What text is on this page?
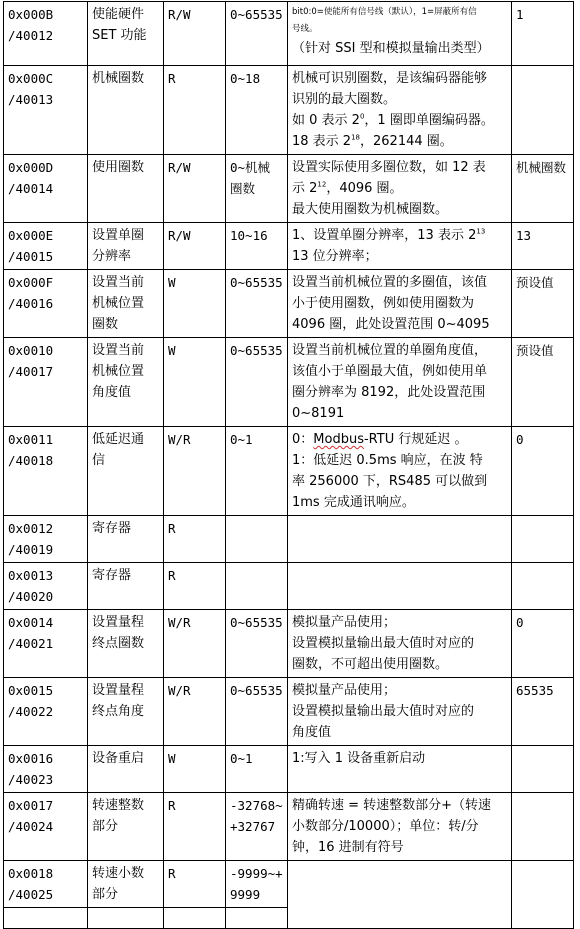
0x000B
/40012	使能硬件
SET 功能	R/W	0~65535	bit0:0=使能所有信号线（默认），1=屏蔽所有信
号线。
（针对 SSI 型和模拟量输出类型）	1	

0x000C
/40013	机械圈数	R	0~18	机械可识别圈数，是该编码器能够
识别的最大圈数。
如 0 表示 $2^0$，1 圈即单圈编码器。
18 表示 $2^{18}$，262144 圈。		

0x000D
/40014	使用圈数	R/W	0~机械
圈数	设置实际使用多圈位数，如 12 表
示 $2^{12}$，4096 圈。
最大使用圈数为机械圈数。	机械圈数	

0x000E
/40015	设置单圈
分辨率	R/W	10~16	1、设置单圈分辨率，13 表示 $2^{13}$
13 位分辨率；	13	

0x000F
/40016	设置当前
机械位置
圈数	W	0~65535	设置当前机械位置的多圈值，该值
小于使用圈数，例如使用圈数为
4096 圈，此处设置范围 0~4095	预设值	

0x0010
/40017	设置当前
机械位置
角度值	W	0~65535	设置当前机械位置的单圈角度值，
该值小于单圈最大值，例如使用单
圈分辨率为 8192，此处设置范围
0~8191	预设值	

0x0011
/40018	低延迟通
信	W/R	0~1	0：Modbus-RTU 行规延迟 。
1：低延迟 0.5ms 响应，在波 特
率 256000 下，RS485 可以做到
1ms 完成通讯响应。	0	

0x0012
/40019	寄存器	R				

0x0013
/40020	寄存器	R				

0x0014
/40021	设置量程
终点圈数	W/R	0~65535	模拟量产品使用；
设置模拟量输出最大值时对应的
圈数，不可超出使用圈数。	0	

0x0015
/40022	设置量程
终点角度	W/R	0~65535	模拟量产品使用；
设置模拟量输出最大值时对应的
角度值	65535	

0x0016
/40023	设备重启	W	0~1	1:写入 1 设备重新启动		

0x0017
/40024	转速整数
部分	R	-32768~
+32767	精确转速 = 转速整数部分+（转速
小数部分/10000）；单位：转/分
钟，16 进制有符号		

0x0018
/40025	转速小数
部分	R	-9999~+
9999			
